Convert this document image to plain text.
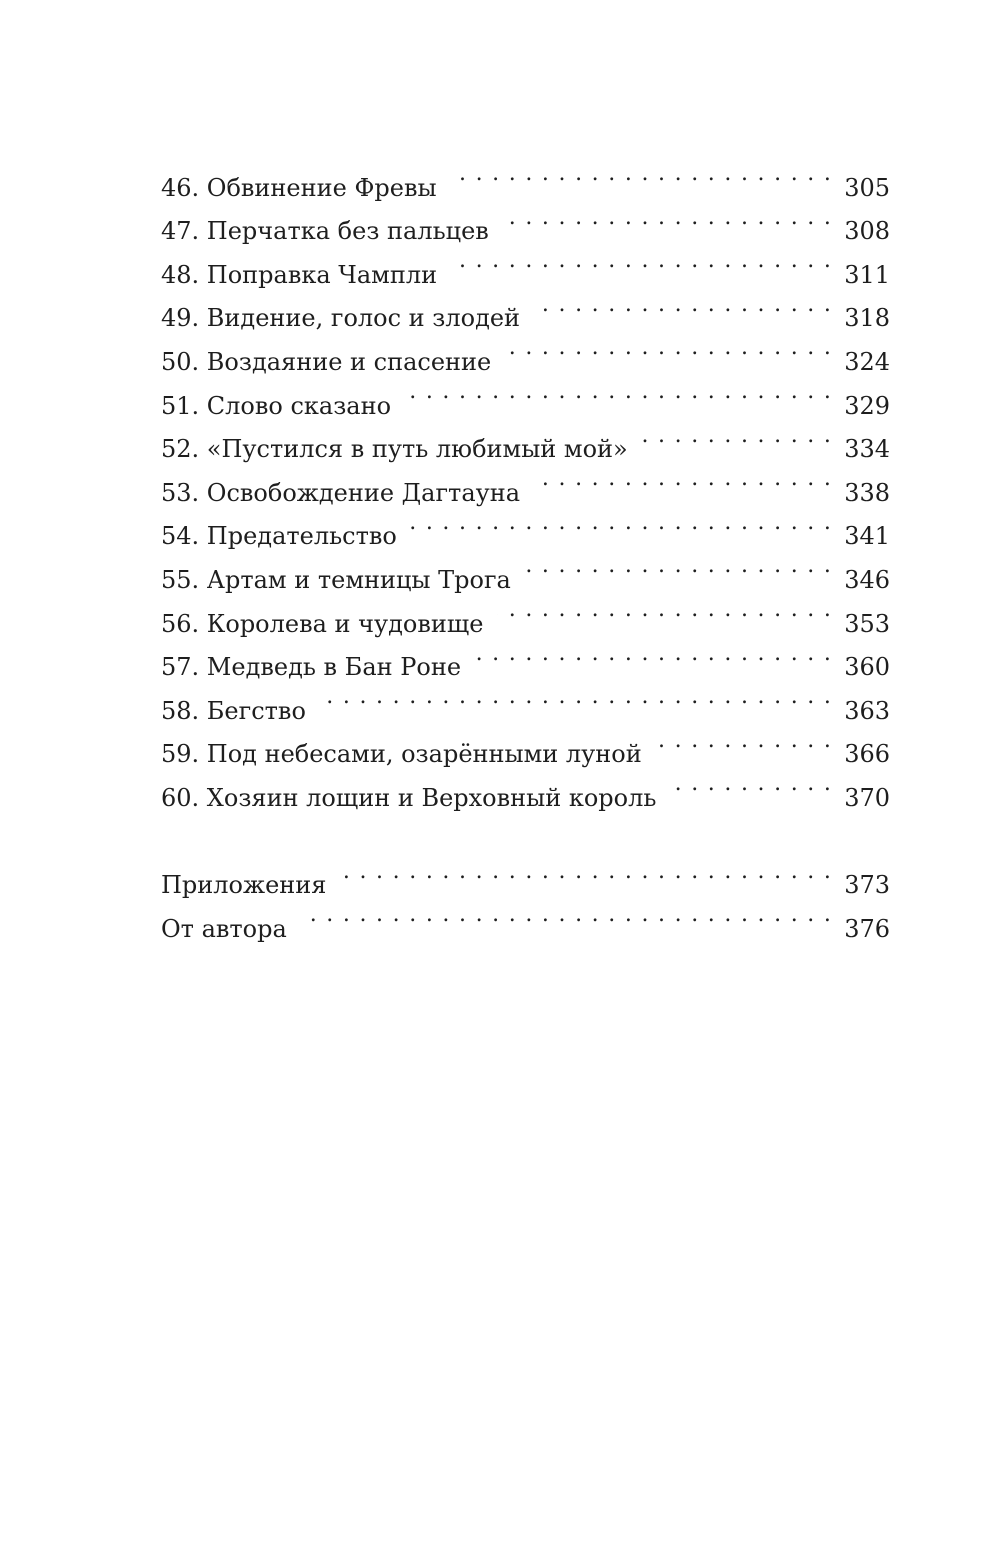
46. Обвинение Фревы . . .	305
47. Перчатка без пальцев . . .	308
48. Поправка Чампли . . .	311
49. Видение, голос и злодей . . .	318
50. Воздаяние и спасение . . .	324
51. Слово сказано . . .	329
52. «Пустился в путь любимый мой» . . .	334
53. Освобождение Дагтауна . . .	338
54. Предательство . . .	341
55. Артам и темницы Трога . . .	346
56. Королева и чудовище . . .	353
57. Медведь в Бан Роне . . .	360
58. Бегство . . .	363
59. Под небесами, озарёнными луной . . .	366
60. Хозяин лощин и Верховный король . . .	370
Приложения . . .	373
От автора . . .	376
